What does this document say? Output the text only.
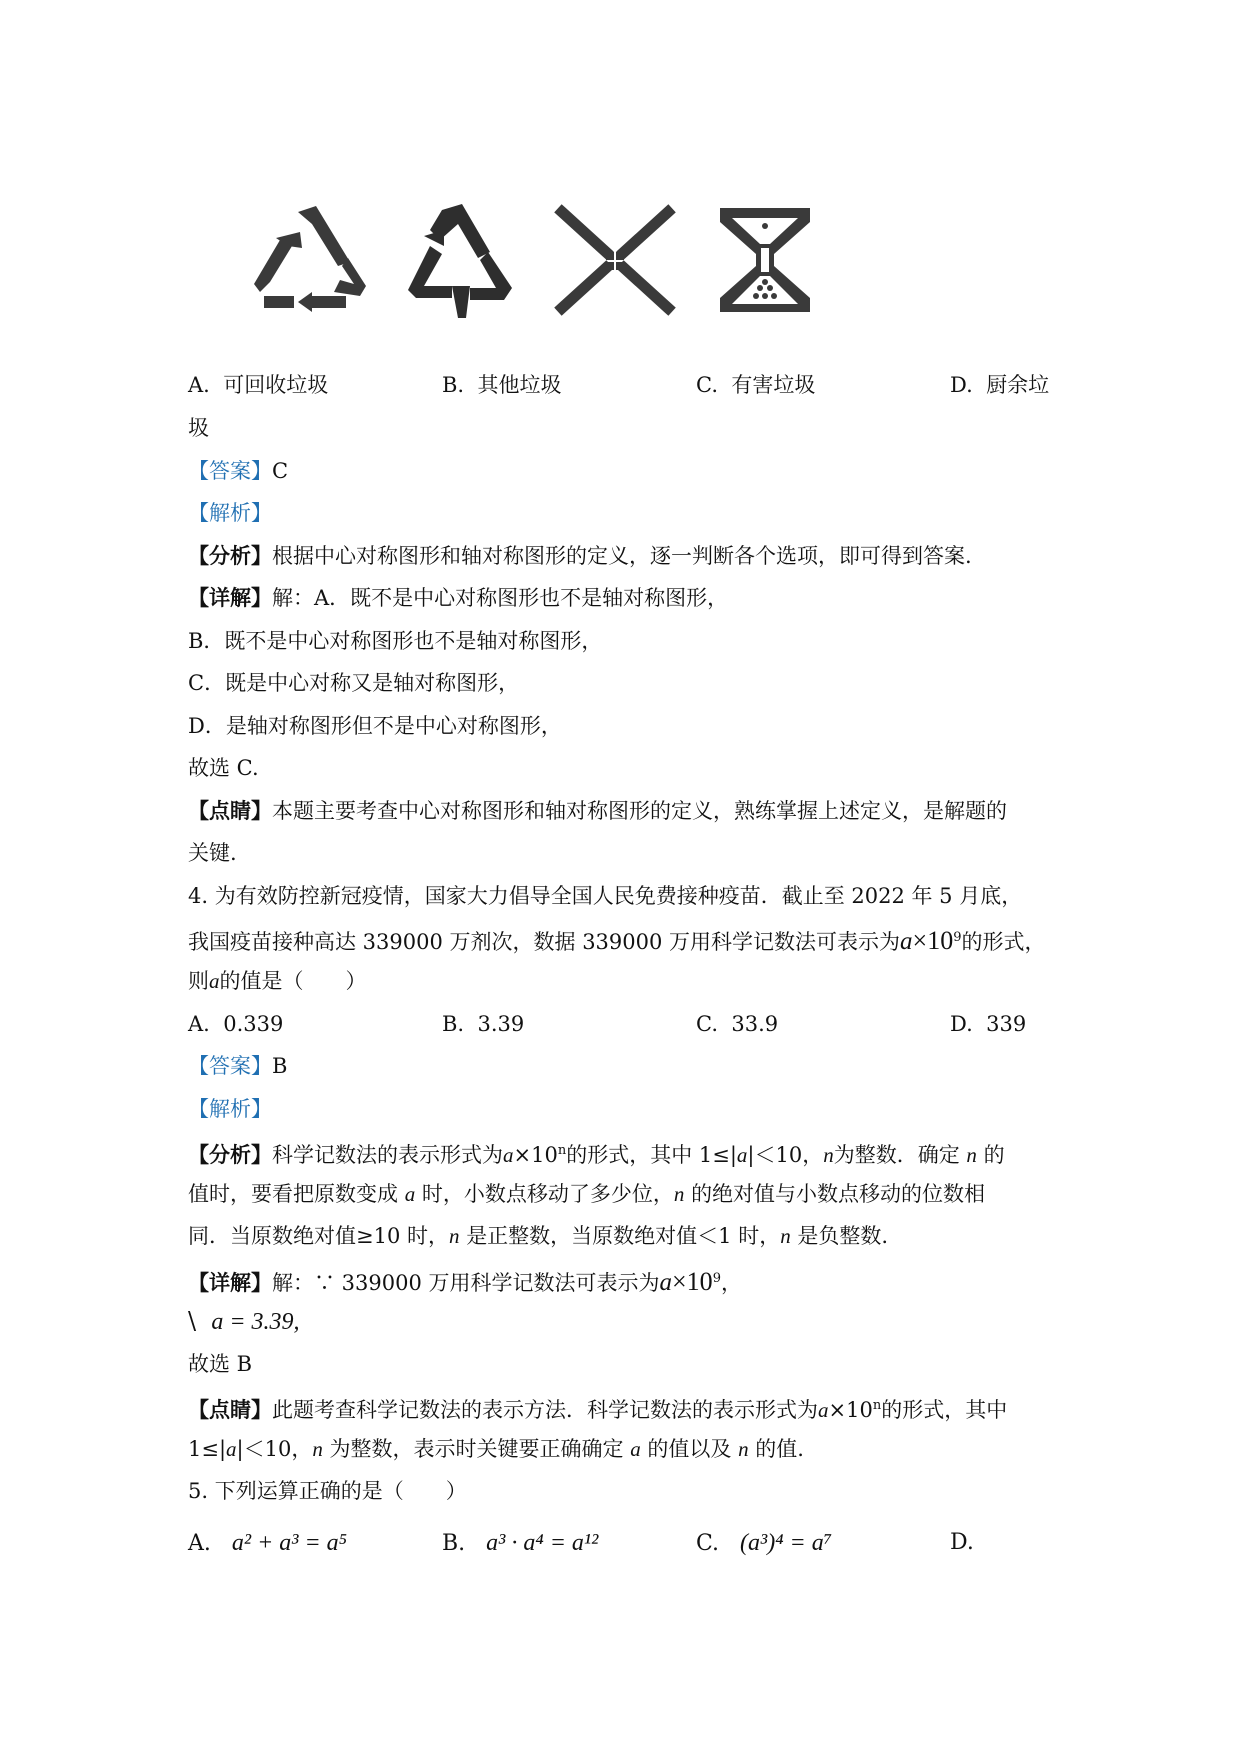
A. 可回收垃圾	B. 其他垃圾	C. 有害垃圾	D. 厨余垃
圾
【答案】C
【解析】
【分析】根据中心对称图形和轴对称图形的定义，逐一判断各个选项，即可得到答案.
【详解】解：A．既不是中心对称图形也不是轴对称图形，
B．既不是中心对称图形也不是轴对称图形，
C．既是中心对称又是轴对称图形，
D．是轴对称图形但不是中心对称图形，
故选 C.
【点睛】本题主要考查中心对称图形和轴对称图形的定义，熟练掌握上述定义，是解题的
关键.
4. 为有效防控新冠疫情，国家大力倡导全国人民免费接种疫苗．截止至 2022 年 5 月底，
我国疫苗接种高达 339000 万剂次，数据 339000 万用科学记数法可表示为$a\times 10^9$的形式，
则a的值是（　　）
A. 0.339	B. 3.39	C. 33.9	D. 339
【答案】B
【解析】
【分析】科学记数法的表示形式为$a\times 10^n$的形式，其中 1≤|a|＜10，n为整数．确定 n 的
值时，要看把原数变成 a 时，小数点移动了多少位，n 的绝对值与小数点移动的位数相
同．当原数绝对值≥10 时，n 是正整数，当原数绝对值＜1 时，n 是负整数.
【详解】解：∵ 339000 万用科学记数法可表示为$a\times 10^9$，
\ a = 3.39,
故选 B
【点睛】此题考查科学记数法的表示方法．科学记数法的表示形式为$a\times 10^n$的形式，其中
1≤|a|＜10，n 为整数，表示时关键要正确确定 a 的值以及 n 的值.
5. 下列运算正确的是（　　）
A. a² + a³ = a⁵	B. a³ · a⁴ = a¹²	C. (a³)⁴ = a⁷	D.
